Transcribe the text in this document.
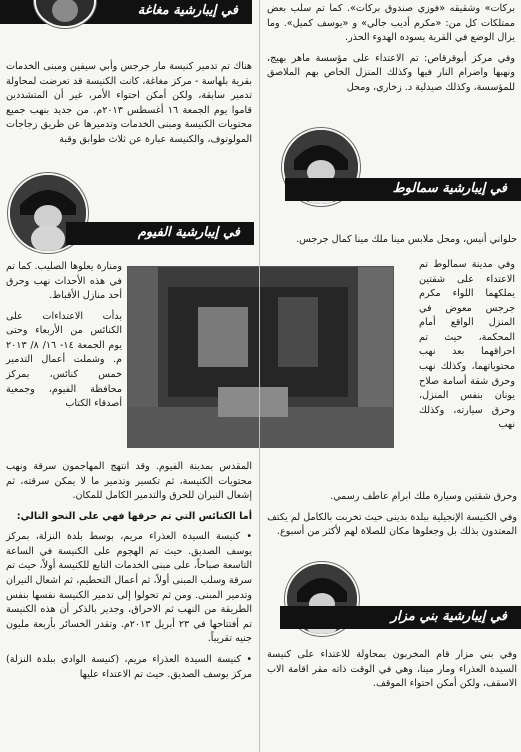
في إيبارشية مغاغة

هناك تم تدمير كنيسة مار جرجس وأبي سيفين ومبنى الخدمات بقرية بلهاسة - مركز مغاغة، كانت الكنيسة قد تعرضت لمحاولة تدمير سابقة، ولكن أمكن احتواء الأمر، غير أن المتشددين قاموا يوم الجمعة ١٦ أغسطس ٢٠١٣م. من جديد بنهب جميع محتويات الكنيسة ومبنى الخدمات وتدميرها عن طريق زجاجات المولوتوف، والكنيسة عبارة عن ثلاث طوابق وقبة

بركات» وشقيقه «فوزي صندوق بركات». كما تم سلب بعض ممتلكات كل من: «مكرم أديب جالي» و «يوسف كميل». وما يزال الوضع في القرية يسوده الهدوء الحذر.

وفي مركز أبوقرقاص: تم الاعتداء على مؤسسة ماهر بهيج، ونهبها واضرام النار فيها وكذلك المنزل الخاص بهم الملاصق للمؤسسة، وكذلك صيدلية د. زخاري، ومحل

في إيبارشية سمالوط

حلواني أنيس، ومحل ملابس مينا ملك مينا كمال جرجس.

وفي مدينة سمالوط تم الاعتداء على شقتين يملكهما اللواء مكرم جرجس معوض في المنزل الواقع أمام المحكمة، حيث تم احراقهما بعد نهب محتوياتهما، وكذلك نهب وحرق شقة أسامة صلاح يونان بنفس المنزل، وحرق سيارته، وكذلك نهب

وحرق شقتين وسيارة ملك ابرام عاطف رسمي.

وفي الكنيسة الإنجيلية ببلدة بدينى حيث تخربت بالكامل لم يكتف المعتدون بذلك بل وجعلوها مكان للصلاة لهم لأكثر من أسبوع.

في إيبارشية الفيوم

ومنارة يعلوها الصليب. كما تم في هذه الأحداث نهب وحرق أحد منازل الأقباط.

بدأت الاعتداءات على الكنائس من الأربعاء وحتى يوم الجمعة ١٤- ١٦/ ٨/ ٢٠١٣ م. وشملت أعمال التدمير خمس كنائس، بمركز محافظة الفيوم، وجمعية أصدقاء الكتاب

المقدس بمدينة الفيوم. وقد انتهج المهاجمون سرقة ونهب محتويات الكنيسة، ثم تكسير وتدمير ما لا يمكن سرقته، ثم إشعال النيران للحرق والتدمير الكامل للمكان.

أما الكنائس التي تم حرقها فهي على النحو التالي:

• كنيسة السيدة العذراء مريم، بوسط بلدة النزلة، بمركز يوسف الصديق. حيث تم الهجوم على الكنيسة في الساعة التاسعة صباحاً، على مبنى الخدمات التابع للكنيسة أولاً، حيث تم سرقة وسلب المبنى أولاً، ثم أعمال التحطيم، ثم اشعال النيران وتدمير المبنى. ومن ثم تحولوا إلى تدمير الكنيسة نفسها بنفس الطريقة من النهب ثم الاحراق، وجدير بالذكر أن هذه الكنيسة تم أفتتاحها في ٢٣ أبريل ٢٠١٣م. وتقدر الخسائر بأربعة مليون جنيه تقريباً.

• كنيسة السيدة العذراء مريم، (كنيسة الوادي ببلدة النزلة) مركز يوسف الصديق. حيث تم الاعتداء عليها

في إيبارشية بني مزار

وفي بني مزار قام المخربون بمحاولة للاعتداء على كنيسة السيدة العذراء ومار مينا، وهي في الوقت ذاته مقر اقامة الاب الاسقف، ولكن أمكن احتواء الموقف.
